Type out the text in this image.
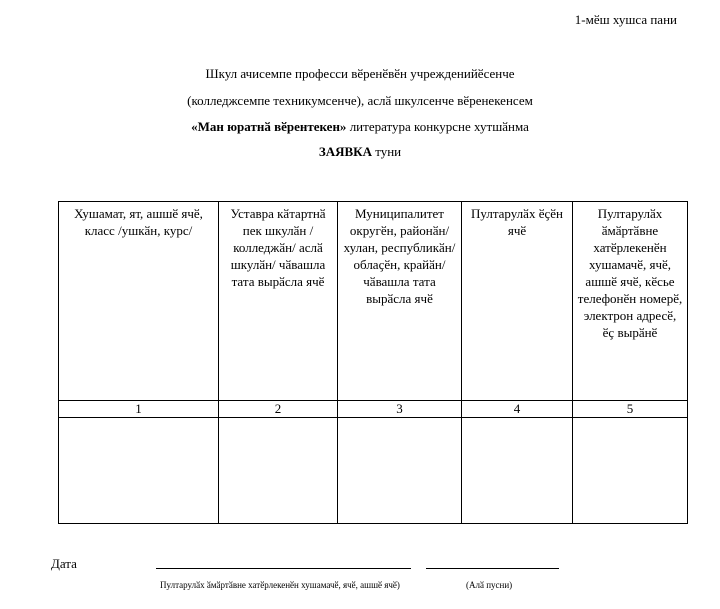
1-мӗш хушса пани
Шкул ачисемпе професси вӗренӗвӗн учрежденийӗсенче
(колледжсемпе техникумсенче), аслӑ шкулсенче вӗренекенсем
«Ман юратнӑ вӗрентекен» литература конкурсне хутшӑнма
ЗАЯВКА туни
Хушамат, ят, ашшӗ ячӗ, класс /ушкӑн, курс/	Уставра кӑтартнӑ пек шкулӑн /колледжӑн/ аслӑ шкулӑн/ чӑвашла тата вырӑсла ячӗ	Муниципалитет округӗн, районӑн/хулан, республикӑн/облаҫӗн, крайӑн/ чӑвашла тата вырӑсла ячӗ	Пултарулӑх ӗҫӗн ячӗ	Пултарулӑх ӑмӑртӑвне хатӗрлекенӗн хушамачӗ, ячӗ, ашшӗ ячӗ, кӗсье телефонӗн номерӗ, электрон адресӗ, ӗҫ вырӑнӗ
1	2	3	4	5

Дата
Пултарулӑх ӑмӑртӑвне хатӗрлекенӗн хушамачӗ, ячӗ, ашшӗ ячӗ)	(Алӑ пусни)
